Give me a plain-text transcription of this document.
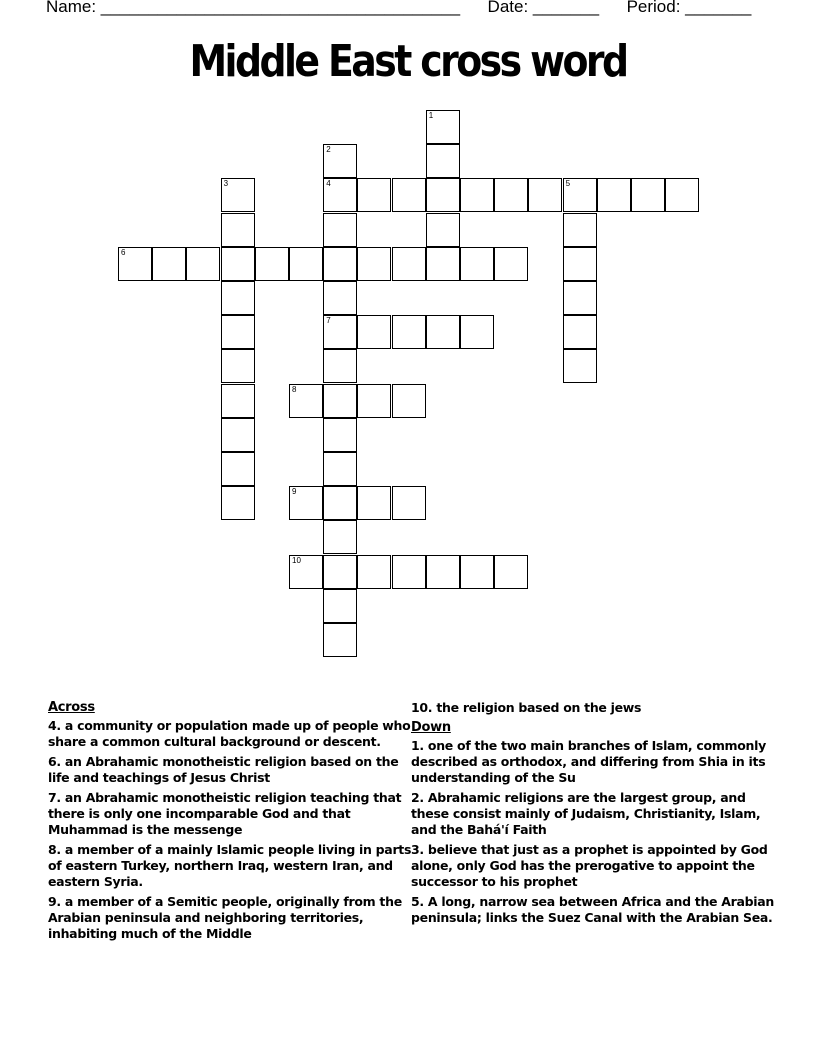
Name: ______________________________________ Date: _______ Period: _______
Middle East cross word
1
2
4
7
3	5
6
8
9
10
Across
4. a community or population made up of people who share a common cultural background or descent.
6. an Abrahamic monotheistic religion based on the life and teachings of Jesus Christ
7. an Abrahamic monotheistic religion teaching that there is only one incomparable God and that Muhammad is the messenge
8. a member of a mainly Islamic people living in parts of eastern Turkey, northern Iraq, western Iran, and eastern Syria.
9. a member of a Semitic people, originally from the Arabian peninsula and neighboring territories, inhabiting much of the Middle
10. the religion based on the jews
Down
1. one of the two main branches of Islam, commonly described as orthodox, and differing from Shia in its understanding of the Su
2. Abrahamic religions are the largest group, and these consist mainly of Judaism, Christianity, Islam, and the Bahá'í Faith
3. believe that just as a prophet is appointed by God alone, only God has the prerogative to appoint the successor to his prophet
5. A long, narrow sea between Africa and the Arabian peninsula; links the Suez Canal with the Arabian Sea.
